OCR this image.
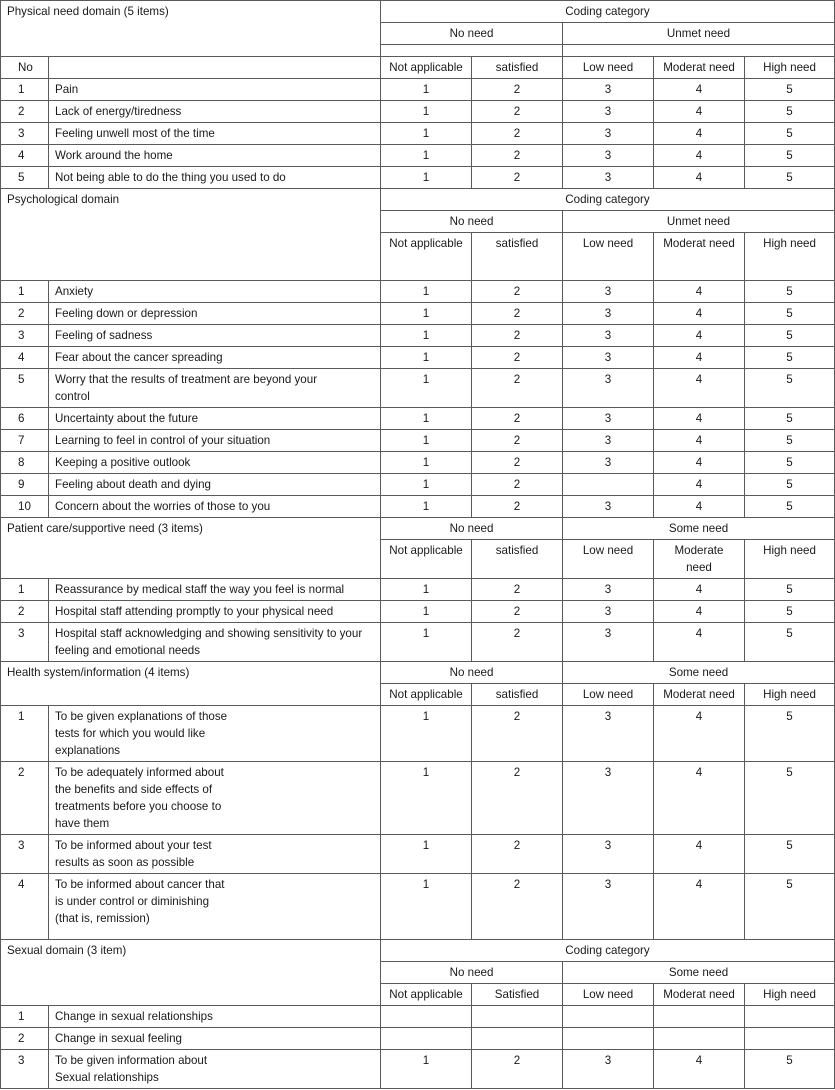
Physical need domain (5 items)		Coding category				
		No need		Unmet need		

No		Not applicable	satisfied	Low need	Moderat need	High need
1	Pain	1	2	3	4	5
2	Lack of energy/tiredness	1	2	3	4	5
3	Feeling unwell most of the time	1	2	3	4	5
4	Work around the home	1	2	3	4	5
5	Not being able to do the thing you used to do	1	2	3	4	5
Psychological domain		Coding category				
		No need		Unmet need		
		Not applicable	satisfied	Low need	Moderat need	High need
1	Anxiety	1	2	3	4	5
2	Feeling down or depression	1	2	3	4	5
3	Feeling of sadness	1	2	3	4	5
4	Fear about the cancer spreading	1	2	3	4	5
5	Worry that the results of treatment are beyond your control	1	2	3	4	5
6	Uncertainty about the future	1	2	3	4	5
7	Learning to feel in control of your situation	1	2	3	4	5
8	Keeping a positive outlook	1	2	3	4	5
9	Feeling about death and dying	1	2		4	5
10	Concern about the worries of those to you	1	2	3	4	5
Patient care/supportive need (3 items)		No need		Some need		
		Not applicable	satisfied	Low need	Moderate need	High need
1	Reassurance by medical staff the way you feel is normal	1	2	3	4	5
2	Hospital staff attending promptly to your physical need	1	2	3	4	5
3	Hospital staff acknowledging and showing sensitivity to your feeling and emotional needs	1	2	3	4	5
Health system/information (4 items)		No need		Some need		
		Not applicable	satisfied	Low need	Moderat need	High need
1	To be given explanations of those tests for which you would like explanations	1	2	3	4	5
2	To be adequately informed about the benefits and side effects of treatments before you choose to have them	1	2	3	4	5
3	To be informed about your test results as soon as possible	1	2	3	4	5
4	To be informed about cancer that is under control or diminishing (that is, remission)	1	2	3	4	5
Sexual domain (3 item)		Coding category				
		No need		Some need		
		Not applicable	Satisfied	Low need	Moderat need	High need
1	Change in sexual relationships					
2	Change in sexual feeling					
3	To be given information about Sexual relationships	1	2	3	4	5
